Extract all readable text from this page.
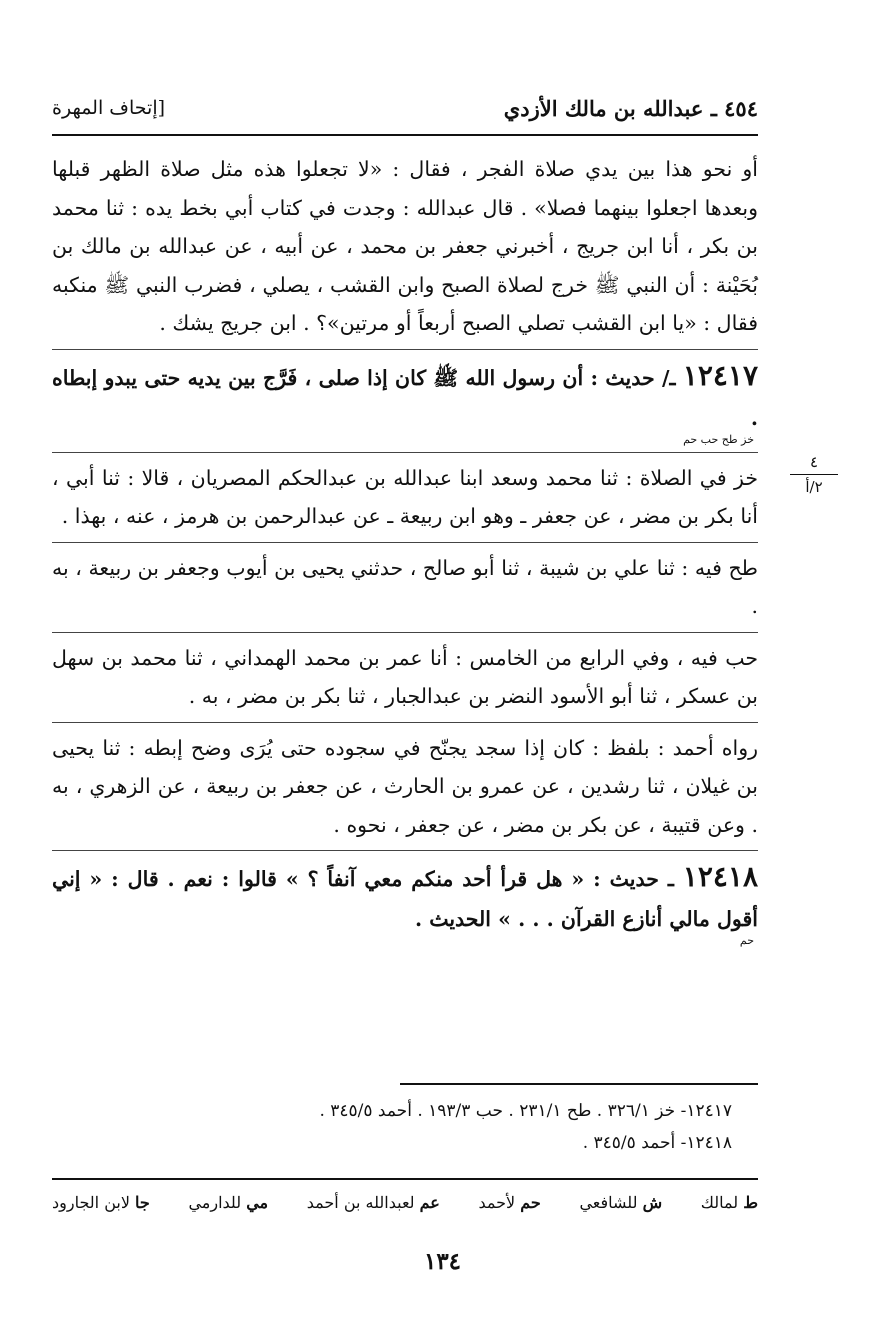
٤٥٤ ـ عبدالله بن مالك الأزدي
[إتحاف المهرة

أو نحو هذا بين يدي صلاة الفجر ، فقال : «لا تجعلوا هذه مثل صلاة الظهر قبلها وبعدها اجعلوا بينهما فصلا» . قال عبدالله : وجدت في كتاب أبي بخط يده : ثنا محمد بن بكر ، أنا ابن جريج ، أخبرني جعفر بن محمد ، عن أبيه ، عن عبدالله بن مالك بن بُحَيْنة : أن النبي ﷺ خرج لصلاة الصبح وابن القشب ، يصلي ، فضرب النبي ﷺ منكبه فقال : «يا ابن القشب تصلي الصبح أربعاً أو مرتين»؟ . ابن جريج يشك .

١٢٤١٧ ـ/ حديث : أن رسول الله ﷺ كان إذا صلى ، فَرَّج بين يديه حتى يبدو إبطاه .
خز طح حب حم

خز في الصلاة : ثنا محمد وسعد ابنا عبدالله بن عبدالحكم المصريان ، قالا : ثنا أبي ، أنا بكر بن مضر ، عن جعفر ـ وهو ابن ربيعة ـ عن عبدالرحمن بن هرمز ، عنه ، بهذا .

طح فيه : ثنا علي بن شيبة ، ثنا أبو صالح ، حدثني يحيى بن أيوب وجعفر بن ربيعة ، به .

حب فيه ، وفي الرابع من الخامس : أنا عمر بن محمد الهمداني ، ثنا محمد بن سهل بن عسكر ، ثنا أبو الأسود النضر بن عبدالجبار ، ثنا بكر بن مضر ، به .

رواه أحمد : بلفظ : كان إذا سجد يجنّح في سجوده حتى يُرَى وضح إبطه : ثنا يحيى بن غيلان ، ثنا رشدين ، عن عمرو بن الحارث ، عن جعفر بن ربيعة ، عن الزهري ، به . وعن قتيبة ، عن بكر بن مضر ، عن جعفر ، نحوه .

١٢٤١٨ ـ حديث : « هل قرأ أحد منكم معي آنفاً ؟ » قالوا : نعم . قال : « إني أقول مالي أنازع القرآن . . . » الحديث .
حم

٤
٢/أ
١٢٤١٧- خز ٣٢٦/١ . طح ٢٣١/١ . حب ١٩٣/٣ . أحمد ٣٤٥/٥ .
١٢٤١٨- أحمد ٣٤٥/٥ .
ط لمالك
ش للشافعي
حم لأحمد
عم لعبدالله بن أحمد
مي للدارمي
جا لابن الجارود
١٣٤
